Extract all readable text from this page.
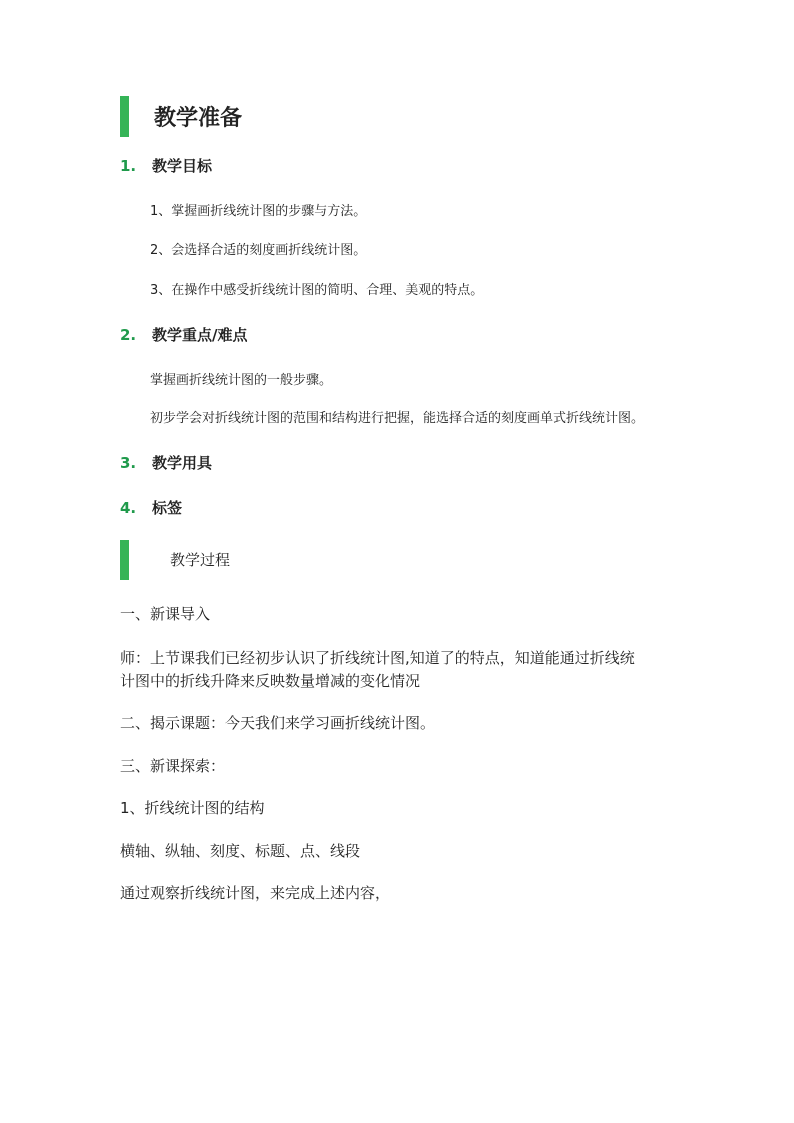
教学准备
1. 教学目标
1、掌握画折线统计图的步骤与方法。
2、会选择合适的刻度画折线统计图。
3、在操作中感受折线统计图的简明、合理、美观的特点。
2. 教学重点/难点
掌握画折线统计图的一般步骤。
初步学会对折线统计图的范围和结构进行把握，能选择合适的刻度画单式折线统计图。
3. 教学用具
4. 标签
教学过程
一、新课导入
师：上节课我们已经初步认识了折线统计图,知道了的特点，知道能通过折线统
计图中的折线升降来反映数量增减的变化情况
二、揭示课题：今天我们来学习画折线统计图。
三、新课探索：
1、折线统计图的结构
横轴、纵轴、刻度、标题、点、线段
通过观察折线统计图，来完成上述内容，
